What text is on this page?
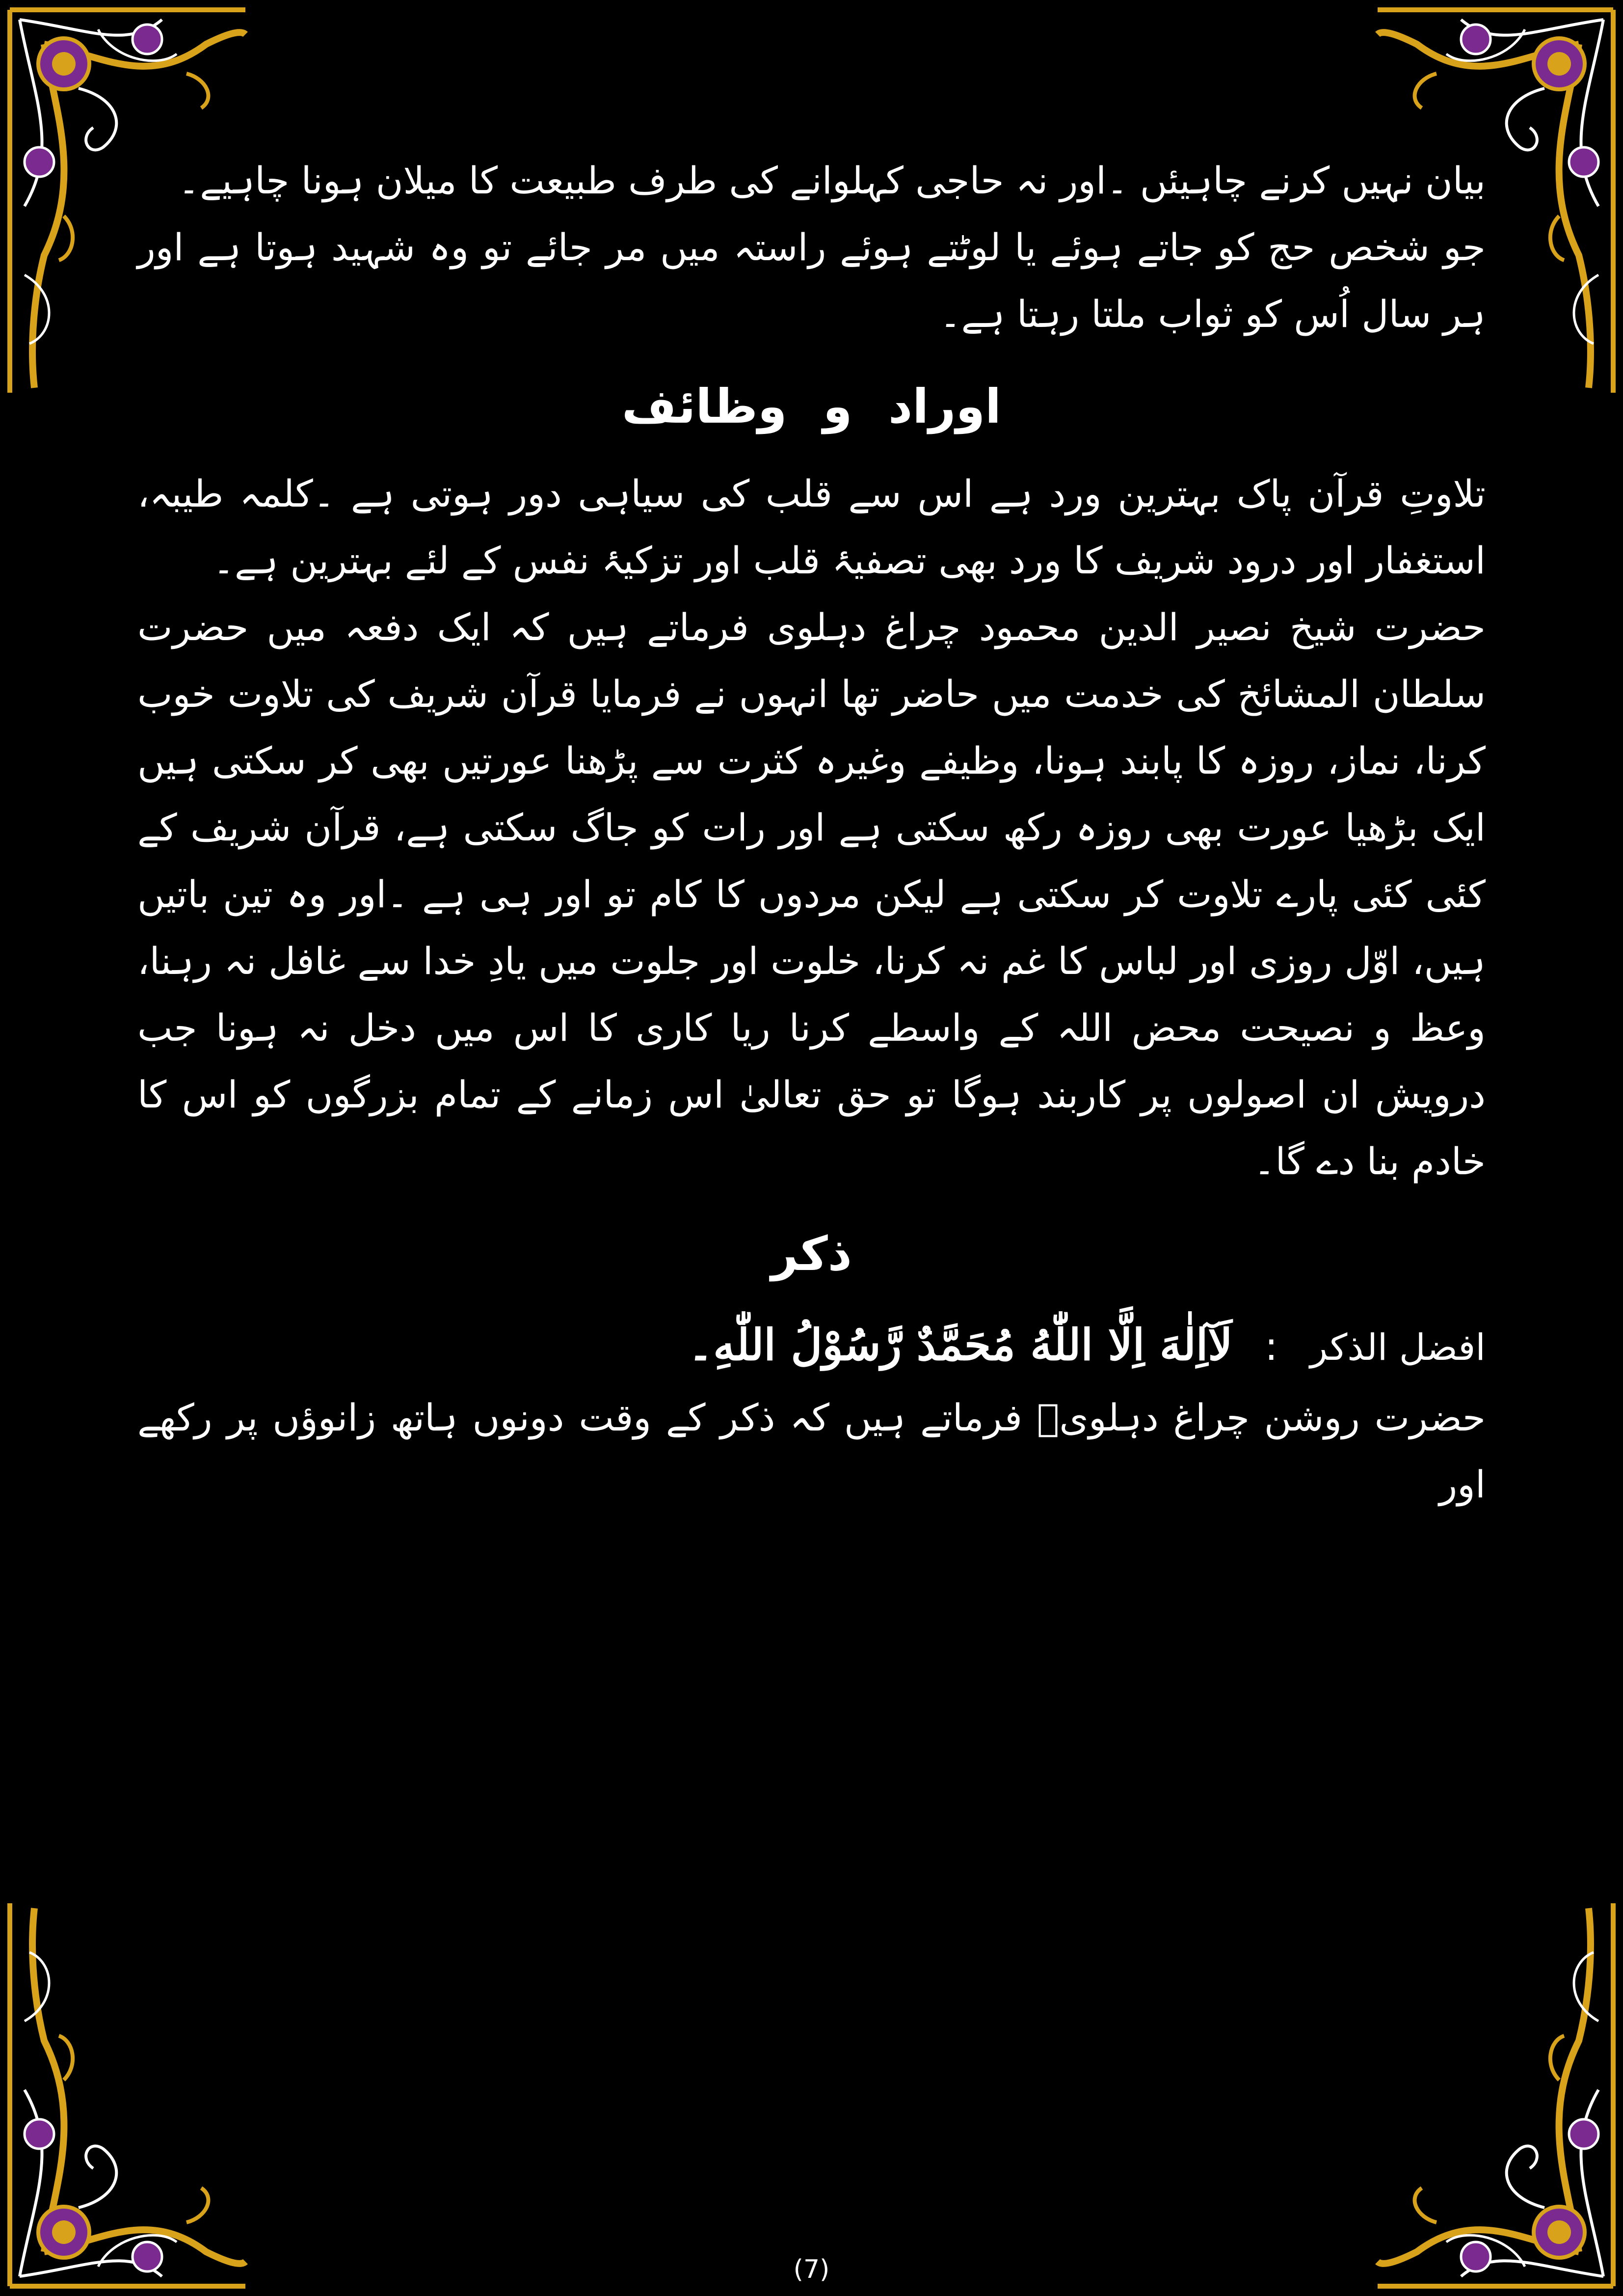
بیان نہیں کرنے چاہیئں ۔اور نہ حاجی کہلوانے کی طرف طبیعت کا میلان ہونا چاہیے۔

جو شخص حج کو جاتے ہوئے یا لوٹتے ہوئے راستہ میں مر جائے تو وہ شہید ہوتا ہے اور ہر سال اُس کو ثواب ملتا رہتا ہے۔

اوراد و وظائف

تلاوتِ قرآن پاک بہترین ورد ہے اس سے قلب کی سیاہی دور ہوتی ہے ۔کلمہ طیبہ، استغفار اور درود شریف کا ورد بھی تصفیۂ قلب اور تزکیۂ نفس کے لئے بہترین ہے۔

حضرت شیخ نصیر الدین محمود چراغ دہلوی فرماتے ہیں کہ ایک دفعہ میں حضرت سلطان المشائخ کی خدمت میں حاضر تھا انہوں نے فرمایا قرآن شریف کی تلاوت خوب کرنا، نماز، روزہ کا پابند ہونا، وظیفے وغیرہ کثرت سے پڑھنا عورتیں بھی کر سکتی ہیں ایک بڑھیا عورت بھی روزہ رکھ سکتی ہے اور رات کو جاگ سکتی ہے، قرآن شریف کے کئی کئی پارے تلاوت کر سکتی ہے لیکن مردوں کا کام تو اور ہی ہے ۔اور وہ تین باتیں ہیں، اوّل روزی اور لباس کا غم نہ کرنا، خلوت اور جلوت میں یادِ خدا سے غافل نہ رہنا، وعظ و نصیحت محض اللہ کے واسطے کرنا ریا کاری کا اس میں دخل نہ ہونا جب درویش ان اصولوں پر کاربند ہوگا تو حق تعالیٰ اس زمانے کے تمام بزرگوں کو اس کا خادم بنا دے گا۔

ذکر

افضل الذکر : لَآاِلٰهَ اِلَّا اللّٰهُ مُحَمَّدٌ رَّسُوْلُ اللّٰهِ۔

حضرت روشن چراغ دہلویؒ فرماتے ہیں کہ ذکر کے وقت دونوں ہاتھ زانوؤں پر رکھے اور

(7)
